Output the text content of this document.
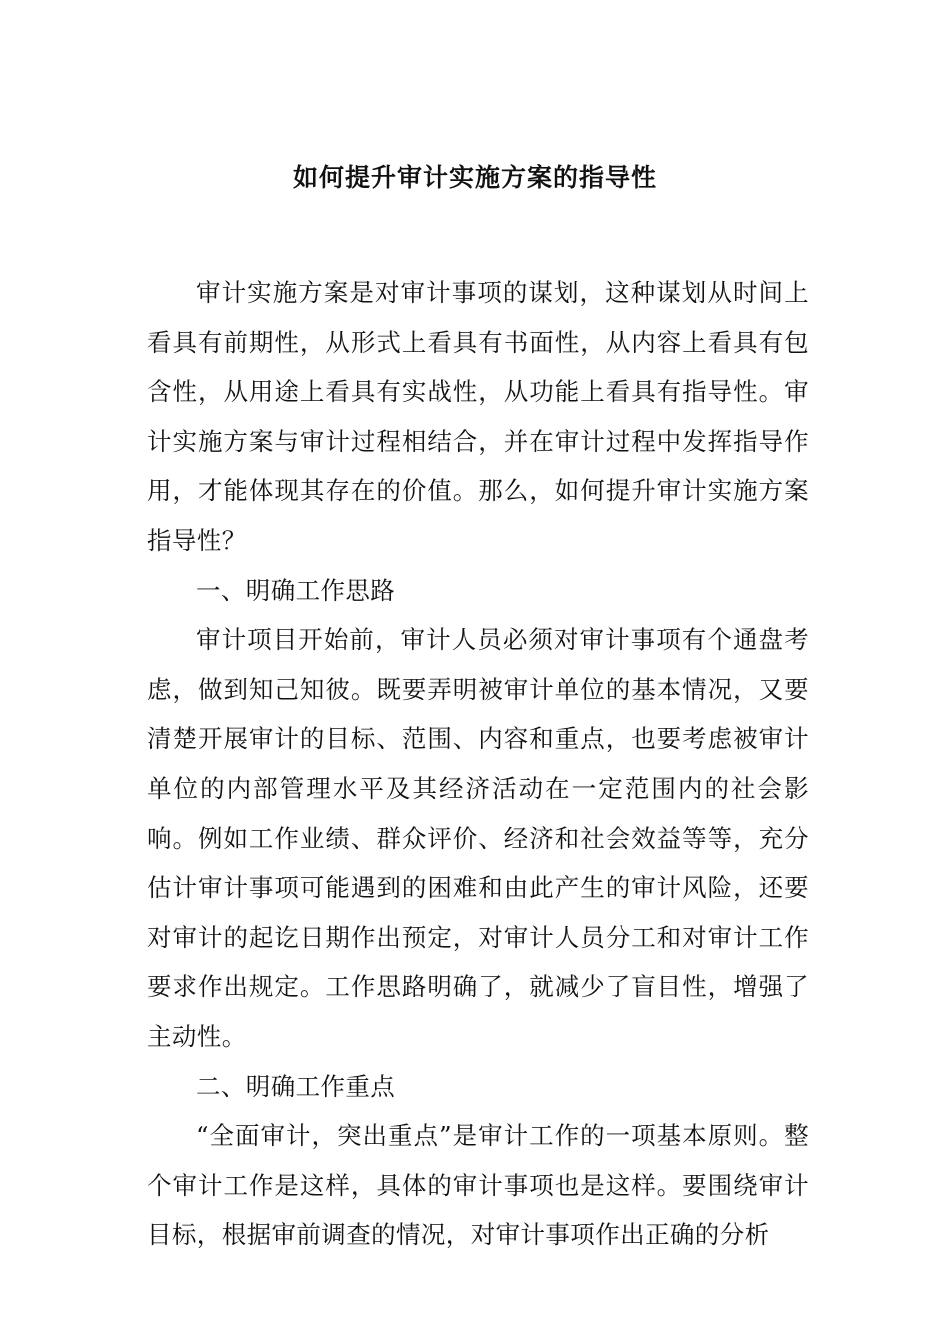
如何提升审计实施方案的指导性

审计实施方案是对审计事项的谋划，这种谋划从时间上看具有前期性，从形式上看具有书面性，从内容上看具有包含性，从用途上看具有实战性，从功能上看具有指导性。审计实施方案与审计过程相结合，并在审计过程中发挥指导作用，才能体现其存在的价值。那么，如何提升审计实施方案指导性？

一、明确工作思路

审计项目开始前，审计人员必须对审计事项有个通盘考虑，做到知己知彼。既要弄明被审计单位的基本情况，又要清楚开展审计的目标、范围、内容和重点，也要考虑被审计单位的内部管理水平及其经济活动在一定范围内的社会影响。例如工作业绩、群众评价、经济和社会效益等等，充分估计审计事项可能遇到的困难和由此产生的审计风险，还要对审计的起讫日期作出预定，对审计人员分工和对审计工作要求作出规定。工作思路明确了，就减少了盲目性，增强了主动性。

二、明确工作重点

“全面审计，突出重点”是审计工作的一项基本原则。整个审计工作是这样，具体的审计事项也是这样。要围绕审计目标，根据审前调查的情况，对审计事项作出正确的分析
